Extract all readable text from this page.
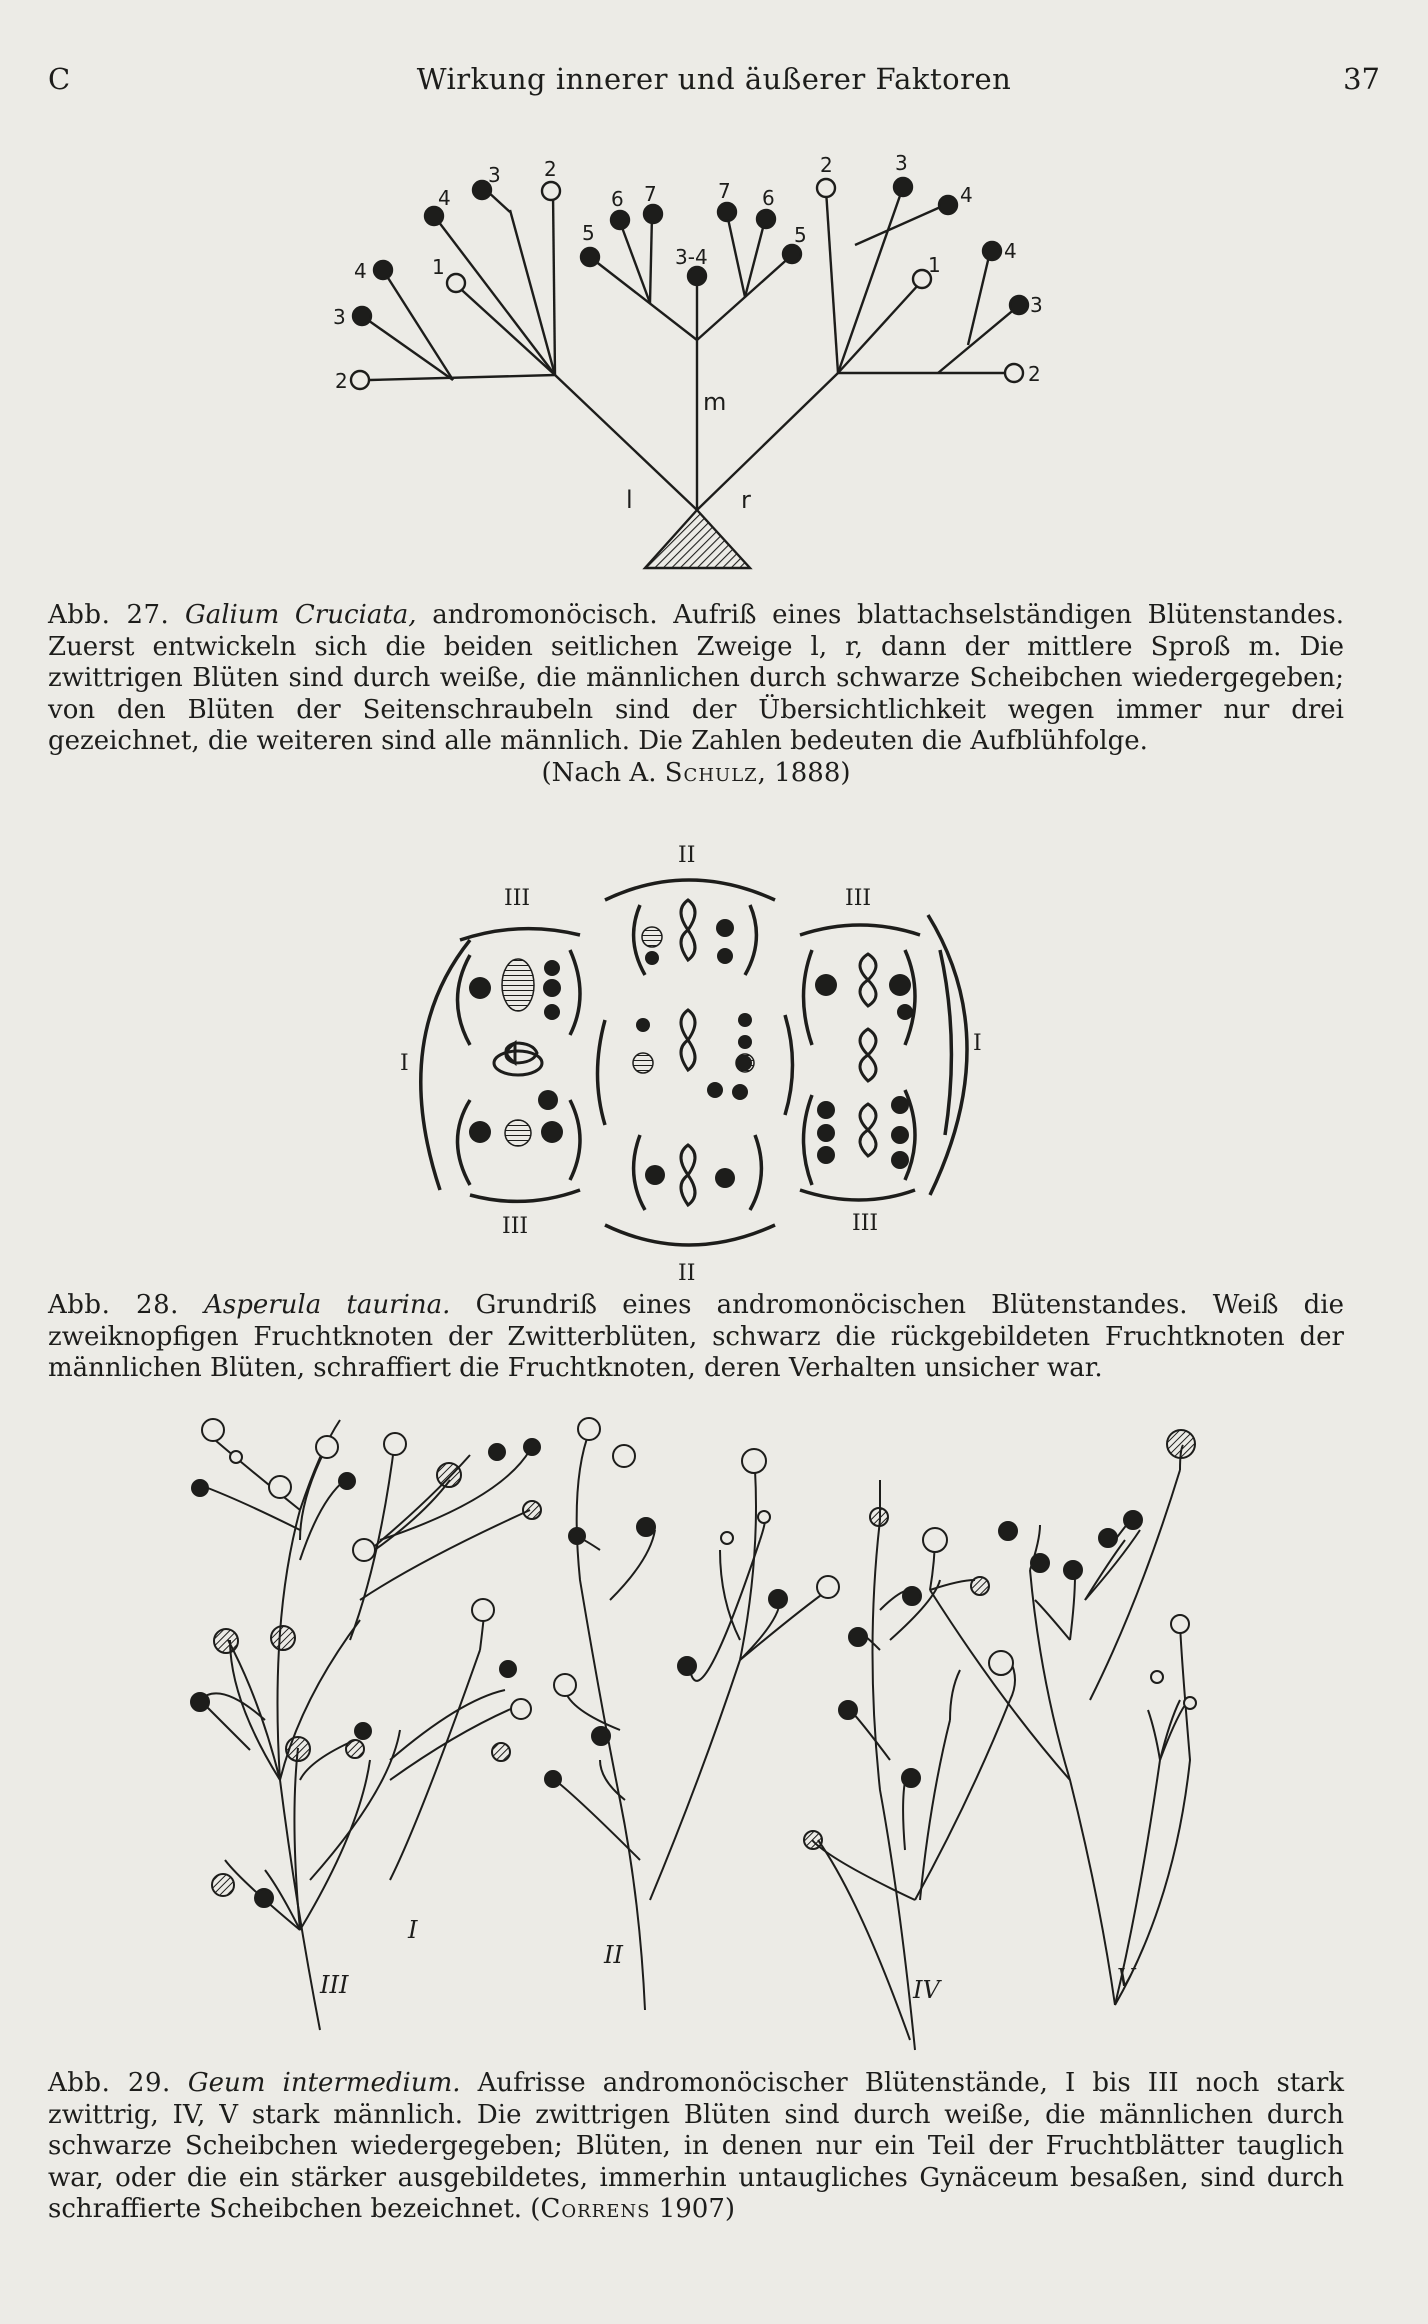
C	Wirkung innerer und äußerer Faktoren	37
2
3
4	1
4
3 2
5
6 7
3-4
7 6
5
2	3
4
1
4
3
2
m
l	r
Abb. 27. Galium Cruciata, andromonöcisch. Aufriß eines blattachselständigen Blütenstandes. Zuerst entwickeln sich die beiden seitlichen Zweige l, r, dann der mittlere Sproß m. Die zwittrigen Blüten sind durch weiße, die männlichen durch schwarze Scheibchen wiedergegeben; von den Blüten der Seitenschraubeln sind der Übersichtlichkeit wegen immer nur drei gezeichnet, die weiteren sind alle männlich. Die Zahlen bedeuten die Aufblühfolge.
(Nach A. Schulz, 1888)
I
I
II
II
III	III
III	III
Abb. 28. Asperula taurina. Grundriß eines andromonöcischen Blütenstandes. Weiß die zweiknopfigen Fruchtknoten der Zwitterblüten, schwarz die rückgebildeten Fruchtknoten der männlichen Blüten, schraffiert die Fruchtknoten, deren Verhalten unsicher war.
I
II
III	IV	V
Abb. 29. Geum intermedium. Aufrisse andromonöcischer Blütenstände, I bis III noch stark zwittrig, IV, V stark männlich. Die zwittrigen Blüten sind durch weiße, die männlichen durch schwarze Scheibchen wiedergegeben; Blüten, in denen nur ein Teil der Fruchtblätter tauglich war, oder die ein stärker ausgebildetes, immerhin untaugliches Gynäceum besaßen, sind durch schraffierte Scheibchen bezeichnet. (Correns 1907)
